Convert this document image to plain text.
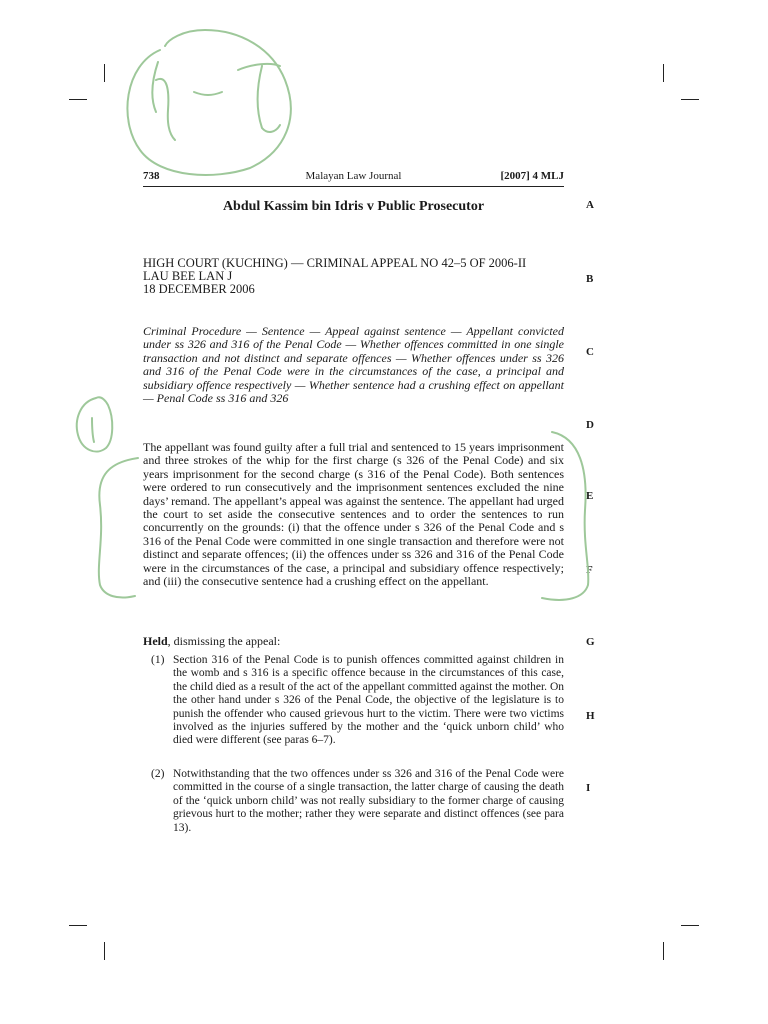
738	Malayan Law Journal	[2007] 4 MLJ
Abdul Kassim bin Idris v Public Prosecutor
HIGH COURT (KUCHING) — CRIMINAL APPEAL NO 42–5 OF 2006-II
LAU BEE LAN J
18 DECEMBER 2006
Criminal Procedure — Sentence — Appeal against sentence — Appellant convicted under ss 326 and 316 of the Penal Code — Whether offences committed in one single transaction and not distinct and separate offences — Whether offences under ss 326 and 316 of the Penal Code were in the circumstances of the case, a principal and subsidiary offence respectively — Whether sentence had a crushing effect on appellant — Penal Code ss 316 and 326
The appellant was found guilty after a full trial and sentenced to 15 years imprisonment and three strokes of the whip for the first charge (s 326 of the Penal Code) and six years imprisonment for the second charge (s 316 of the Penal Code). Both sentences were ordered to run consecutively and the imprisonment sentences excluded the nine days’ remand. The appellant’s appeal was against the sentence. The appellant had urged the court to set aside the consecutive sentences and to order the sentences to run concurrently on the grounds: (i) that the offence under s 326 of the Penal Code and s 316 of the Penal Code were committed in one single transaction and therefore were not distinct and separate offences; (ii) the offences under ss 326 and 316 of the Penal Code were in the circumstances of the case, a principal and subsidiary offence respectively; and (iii) the consecutive sentence had a crushing effect on the appellant.
Held, dismissing the appeal:
(1) Section 316 of the Penal Code is to punish offences committed against children in the womb and s 316 is a specific offence because in the circumstances of this case, the child died as a result of the act of the appellant committed against the mother. On the other hand under s 326 of the Penal Code, the objective of the legislature is to punish the offender who caused grievous hurt to the victim. There were two victims involved as the injuries suffered by the mother and the ‘quick unborn child’ who died were different (see paras 6–7).
(2) Notwithstanding that the two offences under ss 326 and 316 of the Penal Code were committed in the course of a single transaction, the latter charge of causing the death of the ‘quick unborn child’ was not really subsidiary to the former charge of causing grievous hurt to the mother; rather they were separate and distinct offences (see para 13).
A
B
C
D
E
F
G
H
I
